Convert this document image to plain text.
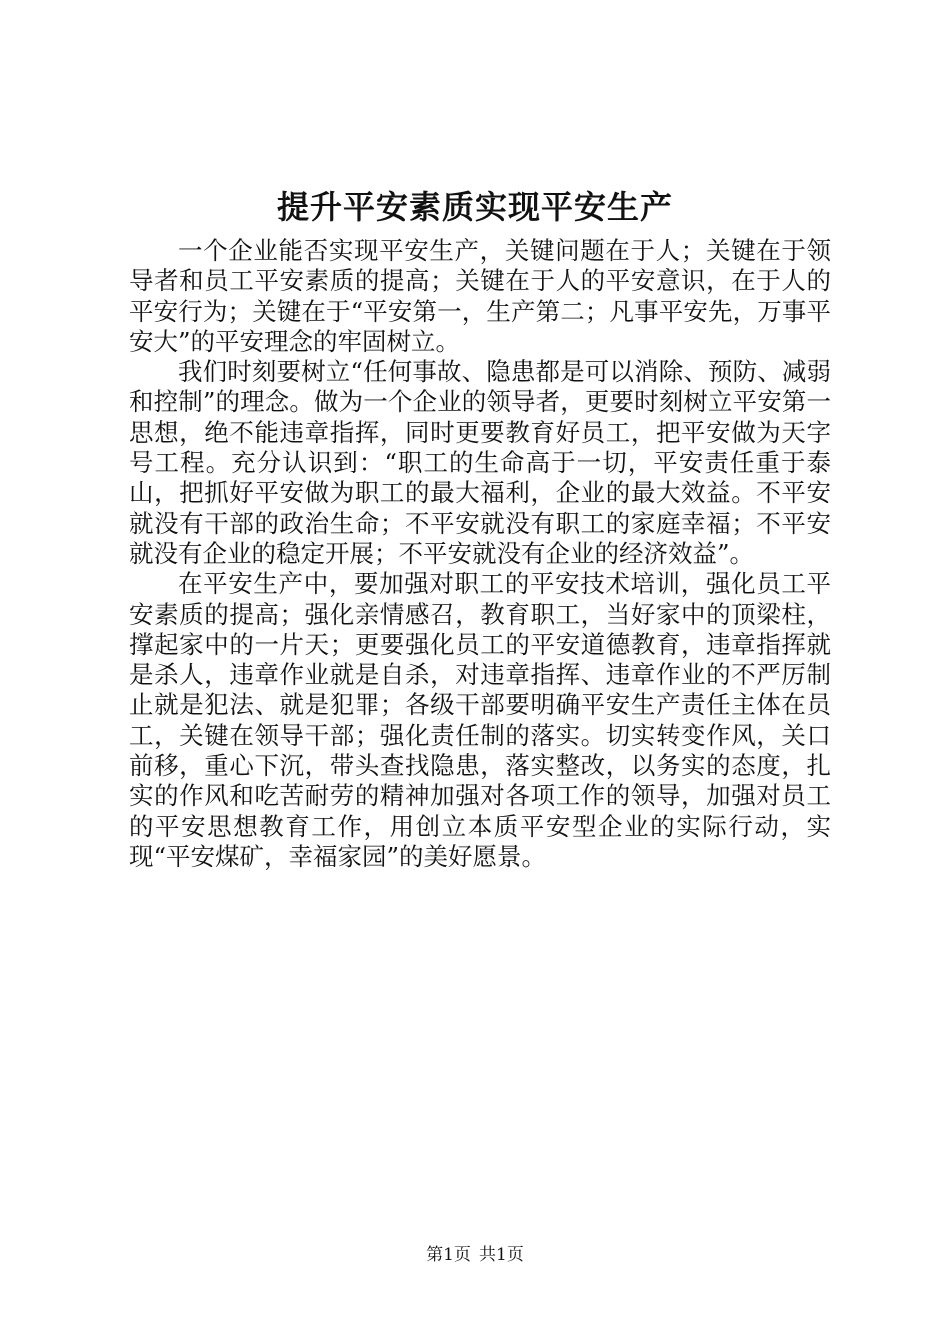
提升平安素质实现平安生产

一个企业能否实现平安生产，关键问题在于人；关键在于领导者和员工平安素质的提高；关键在于人的平安意识，在于人的平安行为；关键在于“平安第一，生产第二；凡事平安先，万事平安大”的平安理念的牢固树立。

我们时刻要树立“任何事故、隐患都是可以消除、预防、减弱和控制”的理念。做为一个企业的领导者，更要时刻树立平安第一思想，绝不能违章指挥，同时更要教育好员工，把平安做为天字号工程。充分认识到：“职工的生命高于一切，平安责任重于泰山，把抓好平安做为职工的最大福利，企业的最大效益。不平安就没有干部的政治生命；不平安就没有职工的家庭幸福；不平安就没有企业的稳定开展；不平安就没有企业的经济效益”。

在平安生产中，要加强对职工的平安技术培训，强化员工平安素质的提高；强化亲情感召，教育职工，当好家中的顶梁柱，撑起家中的一片天；更要强化员工的平安道德教育，违章指挥就是杀人，违章作业就是自杀，对违章指挥、违章作业的不严厉制止就是犯法、就是犯罪；各级干部要明确平安生产责任主体在员工，关键在领导干部；强化责任制的落实。切实转变作风，关口前移，重心下沉，带头查找隐患，落实整改，以务实的态度，扎实的作风和吃苦耐劳的精神加强对各项工作的领导，加强对员工的平安思想教育工作，用创立本质平安型企业的实际行动，实现“平安煤矿，幸福家园”的美好愿景。

第1页 共1页
